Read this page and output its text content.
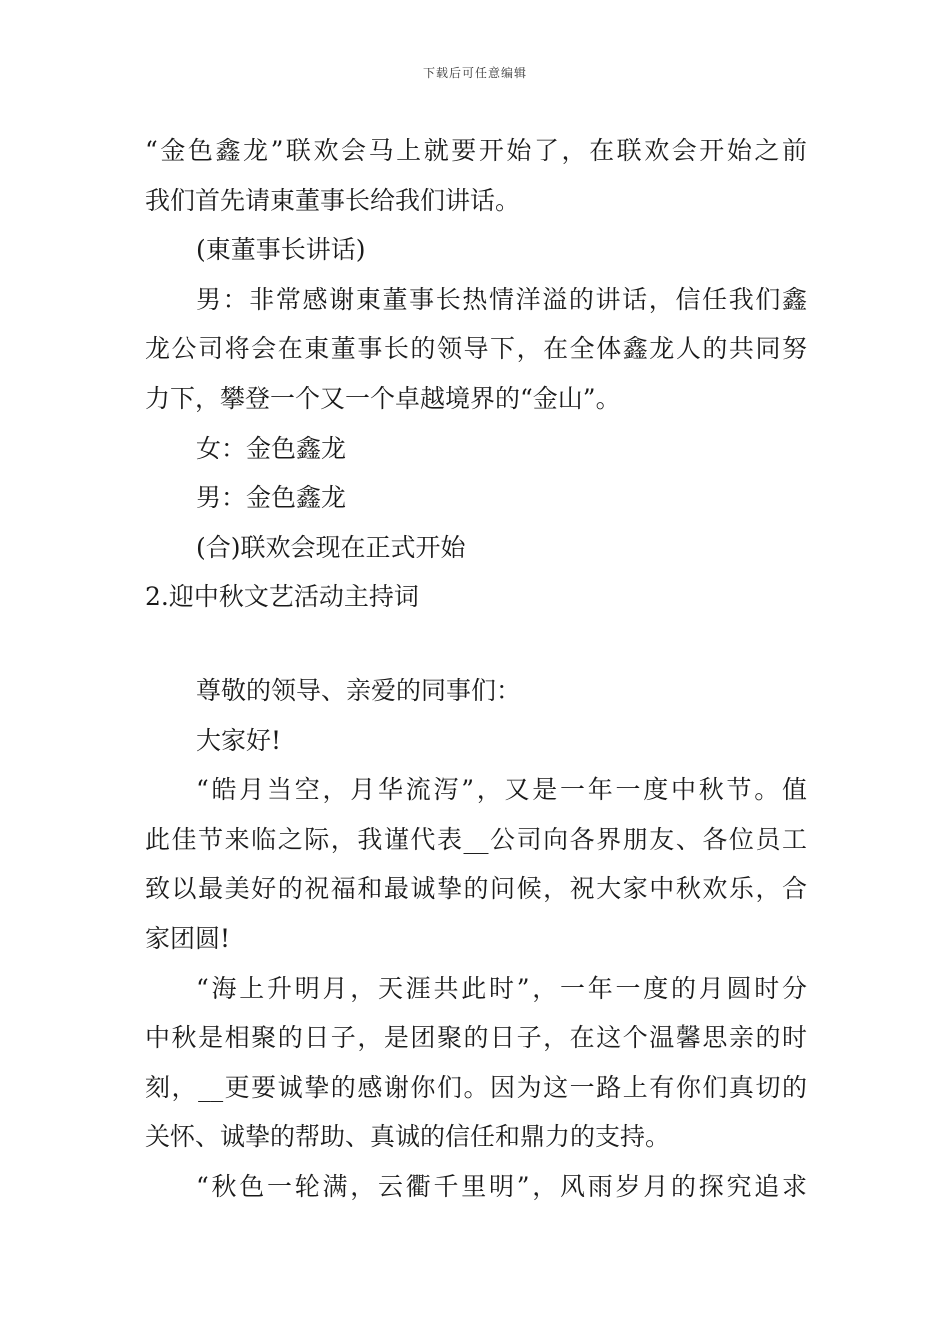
下载后可任意编辑
“金色鑫龙”联欢会马上就要开始了，在联欢会开始之前
我们首先请東董事长给我们讲话。
(東董事长讲话)
男：非常感谢東董事长热情洋溢的讲话，信任我们鑫
龙公司将会在東董事长的领导下，在全体鑫龙人的共同努
力下，攀登一个又一个卓越境界的“金山”。
女：金色鑫龙
男：金色鑫龙
(合)联欢会现在正式开始
2.迎中秋文艺活动主持词
尊敬的领导、亲爱的同事们：
大家好!
“皓月当空，月华流泻”，又是一年一度中秋节。值
此佳节来临之际，我谨代表__公司向各界朋友、各位员工
致以最美好的祝福和最诚挚的问候，祝大家中秋欢乐，合
家团圆!
“海上升明月，天涯共此时”，一年一度的月圆时分
中秋是相聚的日子，是团聚的日子，在这个温馨思亲的时
刻，__更要诚挚的感谢你们。因为这一路上有你们真切的
关怀、诚挚的帮助、真诚的信任和鼎力的支持。
“秋色一轮满，云衢千里明”，风雨岁月的探究追求
